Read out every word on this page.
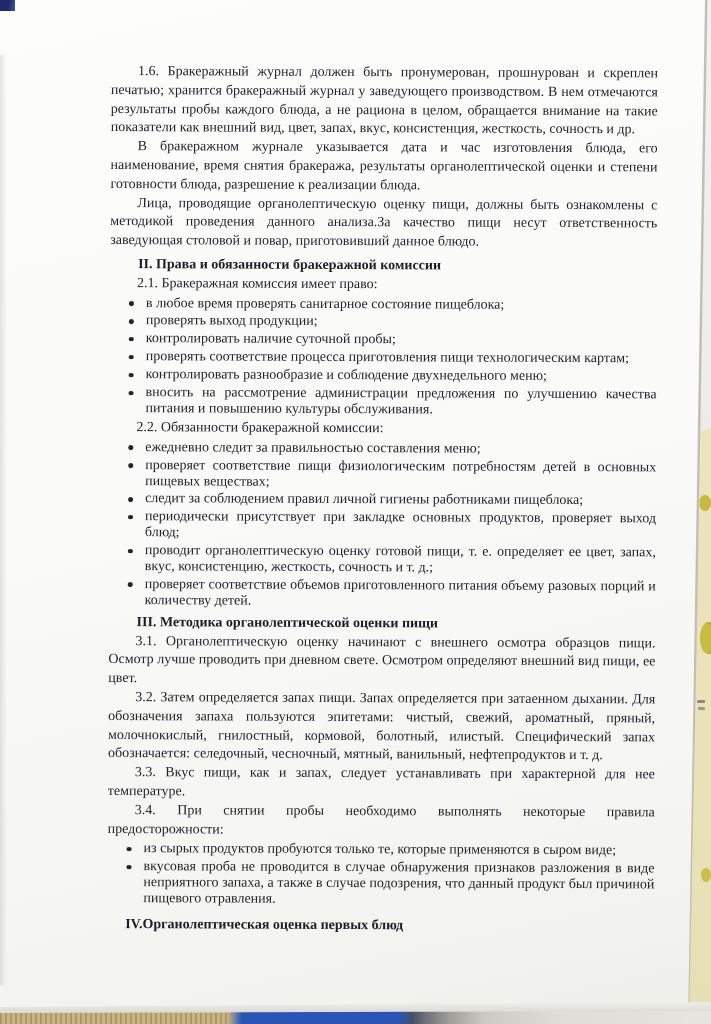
1.6. Бракеражный журнал должен быть пронумерован, прошнурован и скреплен печатью; хранится бракеражный журнал у заведующего производством. В нем отмечаются результаты пробы каждого блюда, а не рациона в целом, обращается внимание на такие показатели как внешний вид, цвет, запах, вкус, консистенция, жесткость, сочность и др.

В бракеражном журнале указывается дата и час изготовления блюда, его наименование, время снятия бракеража, результаты органолептической оценки и степени готовности блюда, разрешение к реализации блюда.

Лица, проводящие органолептическую оценку пищи, должны быть ознакомлены с методикой проведения данного анализа.За качество пищи несут ответственность заведующая столовой и повар, приготовивший данное блюдо.

II. Права и обязанности бракеражной комиссии

2.1. Бракеражная комиссия имеет право:

в любое время проверять санитарное состояние пищеблока;
проверять выход продукции;
контролировать наличие суточной пробы;
проверять соответствие процесса приготовления пищи технологическим картам;
контролировать разнообразие и соблюдение двухнедельного меню;
вносить на рассмотрение администрации предложения по улучшению качества питания и повышению культуры обслуживания.

2.2. Обязанности бракеражной комиссии:

ежедневно следит за правильностью составления меню;
проверяет соответствие пищи физиологическим потребностям детей в основных пищевых веществах;
следит за соблюдением правил личной гигиены работниками пищеблока;
периодически присутствует при закладке основных продуктов, проверяет выход блюд;
проводит органолептическую оценку готовой пищи, т. е. определяет ее цвет, запах, вкус, консистенцию, жесткость, сочность и т. д.;
проверяет соответствие объемов приготовленного питания объему разовых порций и количеству детей.
III. Методика органолептической оценки пищи

3.1. Органолептическую оценку начинают с внешнего осмотра образцов пищи. Осмотр лучше проводить при дневном свете. Осмотром определяют внешний вид пищи, ее цвет.

3.2. Затем определяется запах пищи. Запах определяется при затаенном дыхании. Для обозначения запаха пользуются эпитетами: чистый, свежий, ароматный, пряный, молочнокислый, гнилостный, кормовой, болотный, илистый. Специфический запах обозначается: селедочный, чесночный, мятный, ванильный, нефтепродуктов и т. д.

3.3. Вкус пищи, как и запах, следует устанавливать при характерной для нее температуре.

3.4. При снятии пробы необходимо выполнять некоторые правила предосторожности:

из сырых продуктов пробуются только те, которые применяются в сыром виде;
вкусовая проба не проводится в случае обнаружения признаков разложения в виде неприятного запаха, а также в случае подозрения, что данный продукт был причиной пищевого отравления.
IV.Органолептическая оценка первых блюд
